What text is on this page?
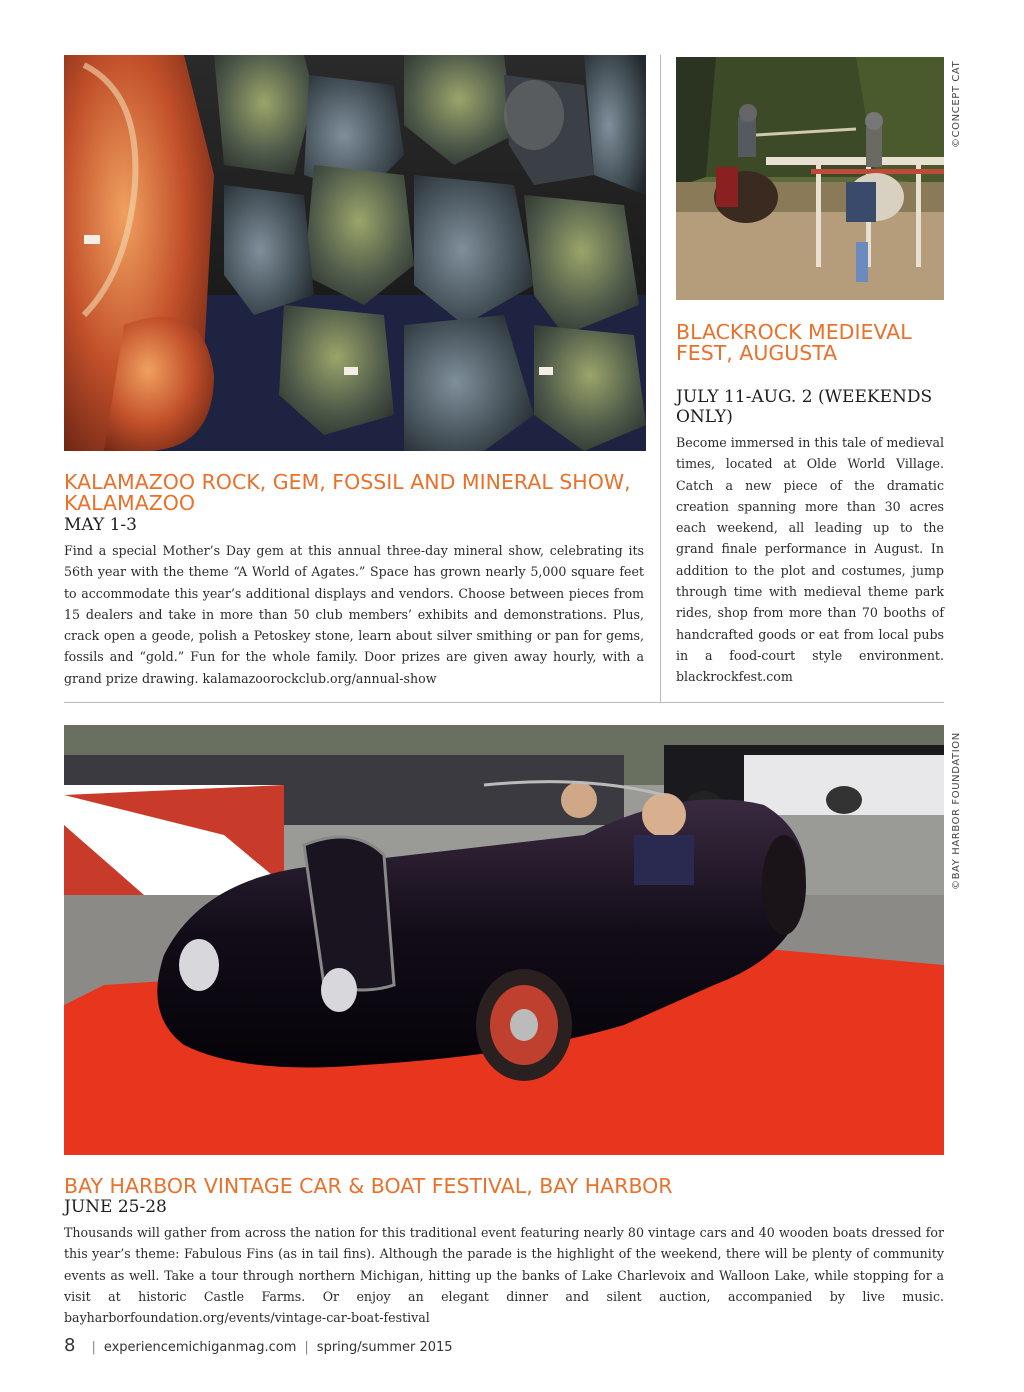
©CONCEPT CAT
KALAMAZOO ROCK, GEM, FOSSIL AND MINERAL SHOW, KALAMAZOO
MAY 1-3
Find a special Mother’s Day gem at this annual three-day mineral show, celebrating its 56th year with the theme “A World of Agates.” Space has grown nearly 5,000 square feet to accommodate this year’s additional displays and vendors. Choose between pieces from 15 dealers and take in more than 50 club members’ exhibits and demonstrations. Plus, crack open a geode, polish a Petoskey stone, learn about silver smithing or pan for gems, fossils and “gold.” Fun for the whole family. Door prizes are given away hourly, with a grand prize drawing. kalamazoorockclub.org/annual-show
BLACKROCK MEDIEVAL FEST, AUGUSTA
JULY 11-AUG. 2 (WEEKENDS ONLY)
Become immersed in this tale of medieval times, located at Olde World Village. Catch a new piece of the dramatic creation spanning more than 30 acres each weekend, all leading up to the grand finale performance in August. In addition to the plot and costumes, jump through time with medieval theme park rides, shop from more than 70 booths of handcrafted goods or eat from local pubs in a food-court style environment. blackrockfest.com
©BAY HARBOR FOUNDATION
BAY HARBOR VINTAGE CAR & BOAT FESTIVAL, BAY HARBOR
JUNE 25-28
Thousands will gather from across the nation for this traditional event featuring nearly 80 vintage cars and 40 wooden boats dressed for this year’s theme: Fabulous Fins (as in tail fins). Although the parade is the highlight of the weekend, there will be plenty of community events as well. Take a tour through northern Michigan, hitting up the banks of Lake Charlevoix and Walloon Lake, while stopping for a visit at historic Castle Farms. Or enjoy an elegant dinner and silent auction, accompanied by live music. bayharborfoundation.org/events/vintage-car-boat-festival
8 | experiencemichiganmag.com | spring/summer 2015
